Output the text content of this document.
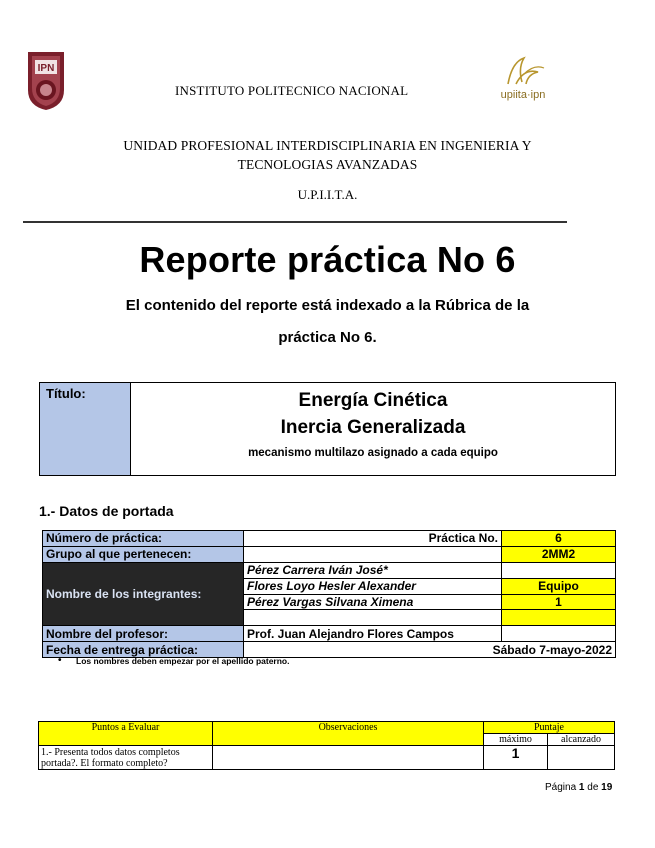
IPN
INSTITUTO POLITECNICO NACIONAL	upiita·ipn
UNIDAD PROFESIONAL INTERDISCIPLINARIA EN INGENIERIA Y
TECNOLOGIAS AVANZADAS
U.P.I.I.T.A.
Reporte práctica No 6
El contenido del reporte está indexado a la Rúbrica de la
práctica No 6.
Título:	Energía Cinética
Inercia Generalizada
mecanismo multilazo asignado a cada equipo
1.- Datos de portada
Número de práctica:	Práctica No.	6
Grupo al que pertenecen:		2MM2
Nombre de los integrantes:	Pérez Carrera Iván José*	
	Flores Loyo Hesler Alexander	Equipo
	Pérez Vargas Silvana Ximena	1

Nombre del profesor:	Prof. Juan Alejandro Flores Campos	
Fecha de entrega práctica:	Sábado 7-mayo-2022	
• Los nombres deben empezar por el apellido paterno.
Puntos a Evaluar	Observaciones	Puntaje	
		máximo	alcanzado
1.- Presenta todos datos completos portada?. El formato completo?		1	
Página 1 de 19
